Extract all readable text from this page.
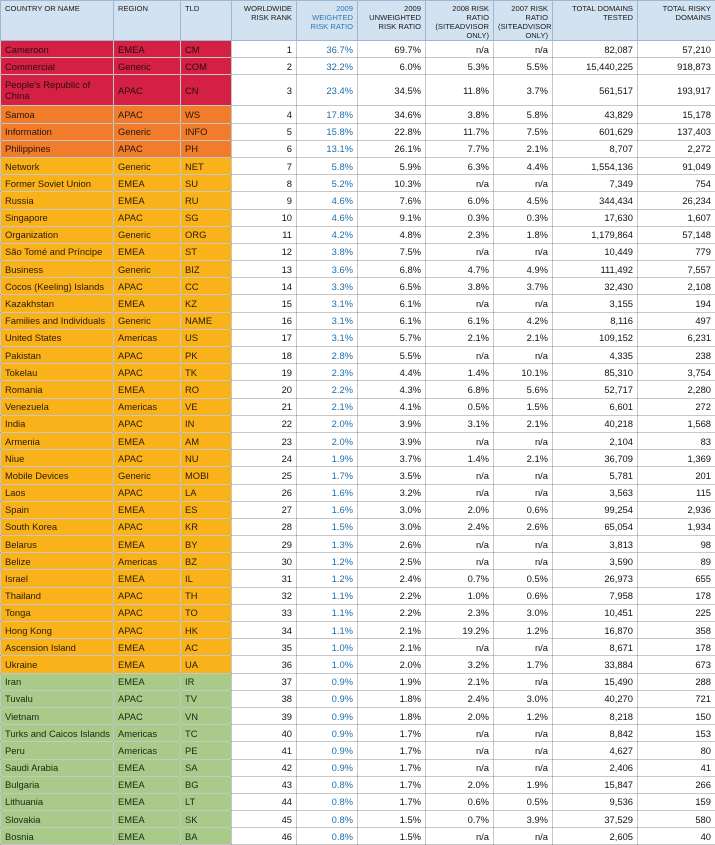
COUNTRY OR NAME	REGION	TLD	WORLDWIDE RISK RANK	2009 WEIGHTED RISK RATIO	2009 UNWEIGHTED RISK RATIO	2008 RISK RATIO (SITEADVISOR ONLY)	2007 RISK RATIO (SITEADVISOR ONLY)	TOTAL DOMAINS TESTED	TOTAL RISKY DOMAINS
Cameroon	EMEA	CM	1	36.7%	69.7%	n/a	n/a	82,087	57,210
Commercial	Generic	COM	2	32.2%	6.0%	5.3%	5.5%	15,440,225	918,873
People's Republic of China	APAC	CN	3	23.4%	34.5%	11.8%	3.7%	561,517	193,917
Samoa	APAC	WS	4	17.8%	34.6%	3.8%	5.8%	43,829	15,178
Information	Generic	INFO	5	15.8%	22.8%	11.7%	7.5%	601,629	137,403
Philippines	APAC	PH	6	13.1%	26.1%	7.7%	2.1%	8,707	2,272
Network	Generic	NET	7	5.8%	5.9%	6.3%	4.4%	1,554,136	91,049
Former Soviet Union	EMEA	SU	8	5.2%	10.3%	n/a	n/a	7,349	754
Russia	EMEA	RU	9	4.6%	7.6%	6.0%	4.5%	344,434	26,234
Singapore	APAC	SG	10	4.6%	9.1%	0.3%	0.3%	17,630	1,607
Organization	Generic	ORG	11	4.2%	4.8%	2.3%	1.8%	1,179,864	57,148
São Tomé and Príncipe	EMEA	ST	12	3.8%	7.5%	n/a	n/a	10,449	779
Business	Generic	BIZ	13	3.6%	6.8%	4.7%	4.9%	111,492	7,557
Cocos (Keeling) Islands	APAC	CC	14	3.3%	6.5%	3.8%	3.7%	32,430	2,108
Kazakhstan	EMEA	KZ	15	3.1%	6.1%	n/a	n/a	3,155	194
Families and Individuals	Generic	NAME	16	3.1%	6.1%	6.1%	4.2%	8,116	497
United States	Americas	US	17	3.1%	5.7%	2.1%	2.1%	109,152	6,231
Pakistan	APAC	PK	18	2.8%	5.5%	n/a	n/a	4,335	238
Tokelau	APAC	TK	19	2.3%	4.4%	1.4%	10.1%	85,310	3,754
Romania	EMEA	RO	20	2.2%	4.3%	6.8%	5.6%	52,717	2,280
Venezuela	Americas	VE	21	2.1%	4.1%	0.5%	1.5%	6,601	272
India	APAC	IN	22	2.0%	3.9%	3.1%	2.1%	40,218	1,568
Armenia	EMEA	AM	23	2.0%	3.9%	n/a	n/a	2,104	83
Niue	APAC	NU	24	1.9%	3.7%	1.4%	2.1%	36,709	1,369
Mobile Devices	Generic	MOBI	25	1.7%	3.5%	n/a	n/a	5,781	201
Laos	APAC	LA	26	1.6%	3.2%	n/a	n/a	3,563	115
Spain	EMEA	ES	27	1.6%	3.0%	2.0%	0.6%	99,254	2,936
South Korea	APAC	KR	28	1.5%	3.0%	2.4%	2.6%	65,054	1,934
Belarus	EMEA	BY	29	1.3%	2.6%	n/a	n/a	3,813	98
Belize	Americas	BZ	30	1.2%	2.5%	n/a	n/a	3,590	89
Israel	EMEA	IL	31	1.2%	2.4%	0.7%	0.5%	26,973	655
Thailand	APAC	TH	32	1.1%	2.2%	1.0%	0.6%	7,958	178
Tonga	APAC	TO	33	1.1%	2.2%	2.3%	3.0%	10,451	225
Hong Kong	APAC	HK	34	1.1%	2.1%	19.2%	1.2%	16,870	358
Ascension Island	EMEA	AC	35	1.0%	2.1%	n/a	n/a	8,671	178
Ukraine	EMEA	UA	36	1.0%	2.0%	3.2%	1.7%	33,884	673
Iran	EMEA	IR	37	0.9%	1.9%	2.1%	n/a	15,490	288
Tuvalu	APAC	TV	38	0.9%	1.8%	2.4%	3.0%	40,270	721
Vietnam	APAC	VN	39	0.9%	1.8%	2.0%	1.2%	8,218	150
Turks and Caicos Islands	Americas	TC	40	0.9%	1.7%	n/a	n/a	8,842	153
Peru	Americas	PE	41	0.9%	1.7%	n/a	n/a	4,627	80
Saudi Arabia	EMEA	SA	42	0.9%	1.7%	n/a	n/a	2,406	41
Bulgaria	EMEA	BG	43	0.8%	1.7%	2.0%	1.9%	15,847	266
Lithuania	EMEA	LT	44	0.8%	1.7%	0.6%	0.5%	9,536	159
Slovakia	EMEA	SK	45	0.8%	1.5%	0.7%	3.9%	37,529	580
Bosnia	EMEA	BA	46	0.8%	1.5%	n/a	n/a	2,605	40
